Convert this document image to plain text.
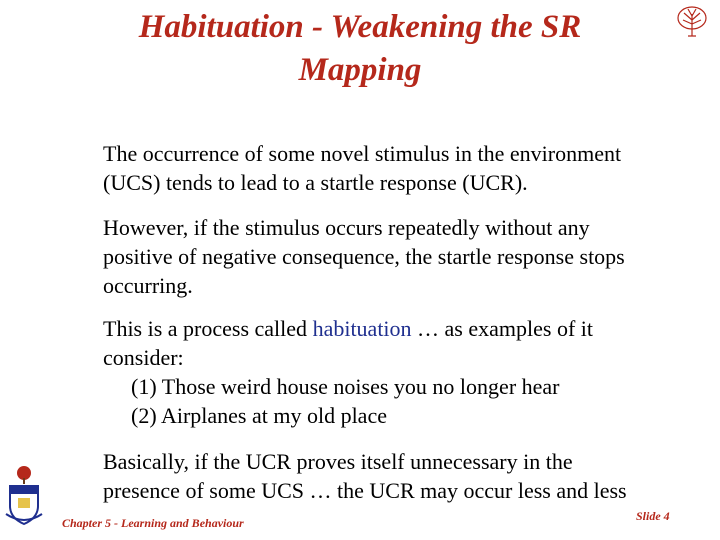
Habituation - Weakening the SR
Mapping

The occurrence of some novel stimulus in the environment
(UCS) tends to lead to a startle response (UCR).

However, if the stimulus occurs repeatedly without any
positive of negative consequence, the startle response stops
occurring.

This is a process called habituation … as examples of it
consider:
(1) Those weird house noises you no longer hear
(2) Airplanes at my old place

Basically, if the UCR proves itself unnecessary in the
presence of some UCS … the UCR may occur less and less

Chapter 5 - Learning and Behaviour	Slide 4
